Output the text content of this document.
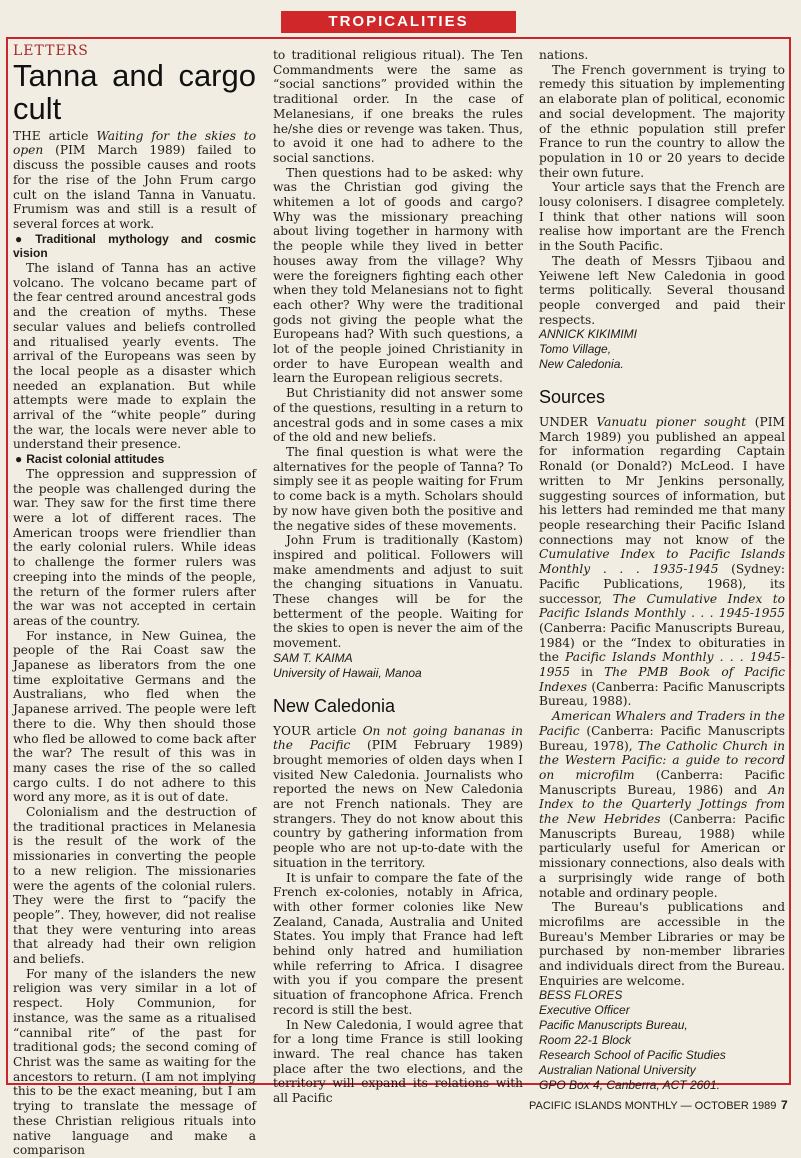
TROPICALITIES
LETTERS
Tanna and cargo cult

THE article Waiting for the skies to open (PIM March 1989) failed to discuss the possible causes and roots for the rise of the John Frum cargo cult on the island Tanna in Vanuatu. Frumism was and still is a result of several forces at work.

● Traditional mythology and cosmic vision

The island of Tanna has an active volcano. The volcano became part of the fear centred around ancestral gods and the creation of myths. These secular values and beliefs controlled and ritualised yearly events. The arrival of the Europeans was seen by the local people as a disaster which needed an explanation. But while attempts were made to explain the arrival of the “white people” during the war, the locals were never able to understand their presence.

● Racist colonial attitudes

The oppression and suppression of the people was challenged during the war. They saw for the first time there were a lot of different races. The American troops were friendlier than the early colonial rulers. While ideas to challenge the former rulers was creeping into the minds of the people, the return of the former rulers after the war was not accepted in certain areas of the country.

For instance, in New Guinea, the people of the Rai Coast saw the Japanese as liberators from the one time exploitative Germans and the Australians, who fled when the Japanese arrived. The people were left there to die. Why then should those who fled be allowed to come back after the war? The result of this was in many cases the rise of the so called cargo cults. I do not adhere to this word any more, as it is out of date.

Colonialism and the destruction of the traditional practices in Melanesia is the result of the work of the missionaries in converting the people to a new religion. The missionaries were the agents of the colonial rulers. They were the first to “pacify the people”. They, however, did not realise that they were venturing into areas that already had their own religion and beliefs.

For many of the islanders the new religion was very similar in a lot of respect. Holy Communion, for instance, was the same as a ritualised “cannibal rite” of the past for traditional gods; the second coming of Christ was the same as waiting for the ancestors to return. (I am not implying this to be the exact meaning, but I am trying to translate the message of these Christian religious rituals into native language and make a comparison

to traditional religious ritual). The Ten Commandments were the same as “social sanctions” provided within the traditional order. In the case of Melanesians, if one breaks the rules he/she dies or revenge was taken. Thus, to avoid it one had to adhere to the social sanctions.

Then questions had to be asked: why was the Christian god giving the whitemen a lot of goods and cargo? Why was the missionary preaching about living together in harmony with the people while they lived in better houses away from the village? Why were the foreigners fighting each other when they told Melanesians not to fight each other? Why were the traditional gods not giving the people what the Europeans had? With such questions, a lot of the people joined Christianity in order to have European wealth and learn the European religious secrets.

But Christianity did not answer some of the questions, resulting in a return to ancestral gods and in some cases a mix of the old and new beliefs.

The final question is what were the alternatives for the people of Tanna? To simply see it as people waiting for Frum to come back is a myth. Scholars should by now have given both the positive and the negative sides of these movements.

John Frum is traditionally (Kastom) inspired and political. Followers will make amendments and adjust to suit the changing situations in Vanuatu. These changes will be for the betterment of the people. Waiting for the skies to open is never the aim of the movement.

SAM T. KAIMA

University of Hawaii, Manoa

New Caledonia

YOUR article On not going bananas in the Pacific (PIM February 1989) brought memories of olden days when I visited New Caledonia. Journalists who reported the news on New Caledonia are not French nationals. They are strangers. They do not know about this country by gathering information from people who are not up-to-date with the situation in the territory.

It is unfair to compare the fate of the French ex-colonies, notably in Africa, with other former colonies like New Zealand, Canada, Australia and United States. You imply that France had left behind only hatred and humiliation while referring to Africa. I disagree with you if you compare the present situation of francophone Africa. French record is still the best.

In New Caledonia, I would agree that for a long time France is still looking inward. The real chance has taken place after the two elections, and the territory will expand its relations with all Pacific

nations.

The French government is trying to remedy this situation by implementing an elaborate plan of political, economic and social development. The majority of the ethnic population still prefer France to run the country to allow the population in 10 or 20 years to decide their own future.

Your article says that the French are lousy colonisers. I disagree completely. I think that other nations will soon realise how important are the French in the South Pacific.

The death of Messrs Tjibaou and Yeiwene left New Caledonia in good terms politically. Several thousand people converged and paid their respects.

ANNICK KIKIMIMI

Tomo Village,

New Caledonia.

Sources

UNDER Vanuatu pioner sought (PIM March 1989) you published an appeal for information regarding Captain Ronald (or Donald?) McLeod. I have written to Mr Jenkins personally, suggesting sources of information, but his letters had reminded me that many people researching their Pacific Island connections may not know of the Cumulative Index to Pacific Islands Monthly . . . 1935-1945 (Sydney: Pacific Publications, 1968), its successor, The Cumulative Index to Pacific Islands Monthly . . . 1945-1955 (Canberra: Pacific Manuscripts Bureau, 1984) or the “Index to obituraties in the Pacific Islands Monthly . . . 1945-1955 in The PMB Book of Pacific Indexes (Canberra: Pacific Manuscripts Bureau, 1988).

American Whalers and Traders in the Pacific (Canberra: Pacific Manuscripts Bureau, 1978), The Catholic Church in the Western Pacific: a guide to record on microfilm (Canberra: Pacific Manuscripts Bureau, 1986) and An Index to the Quarterly Jottings from the New Hebrides (Canberra: Pacific Manuscripts Bureau, 1988) while particularly useful for American or missionary connections, also deals with a surprisingly wide range of both notable and ordinary people.

The Bureau's publications and microfilms are accessible in the Bureau's Member Libraries or may be purchased by non-member libraries and individuals direct from the Bureau. Enquiries are welcome.

BESS FLORES

Executive Officer

Pacific Manuscripts Bureau,

Room 22-1 Block

Research School of Pacific Studies

Australian National University

GPO Box 4, Canberra, ACT 2601.

PACIFIC ISLANDS MONTHLY — OCTOBER 1989 7
